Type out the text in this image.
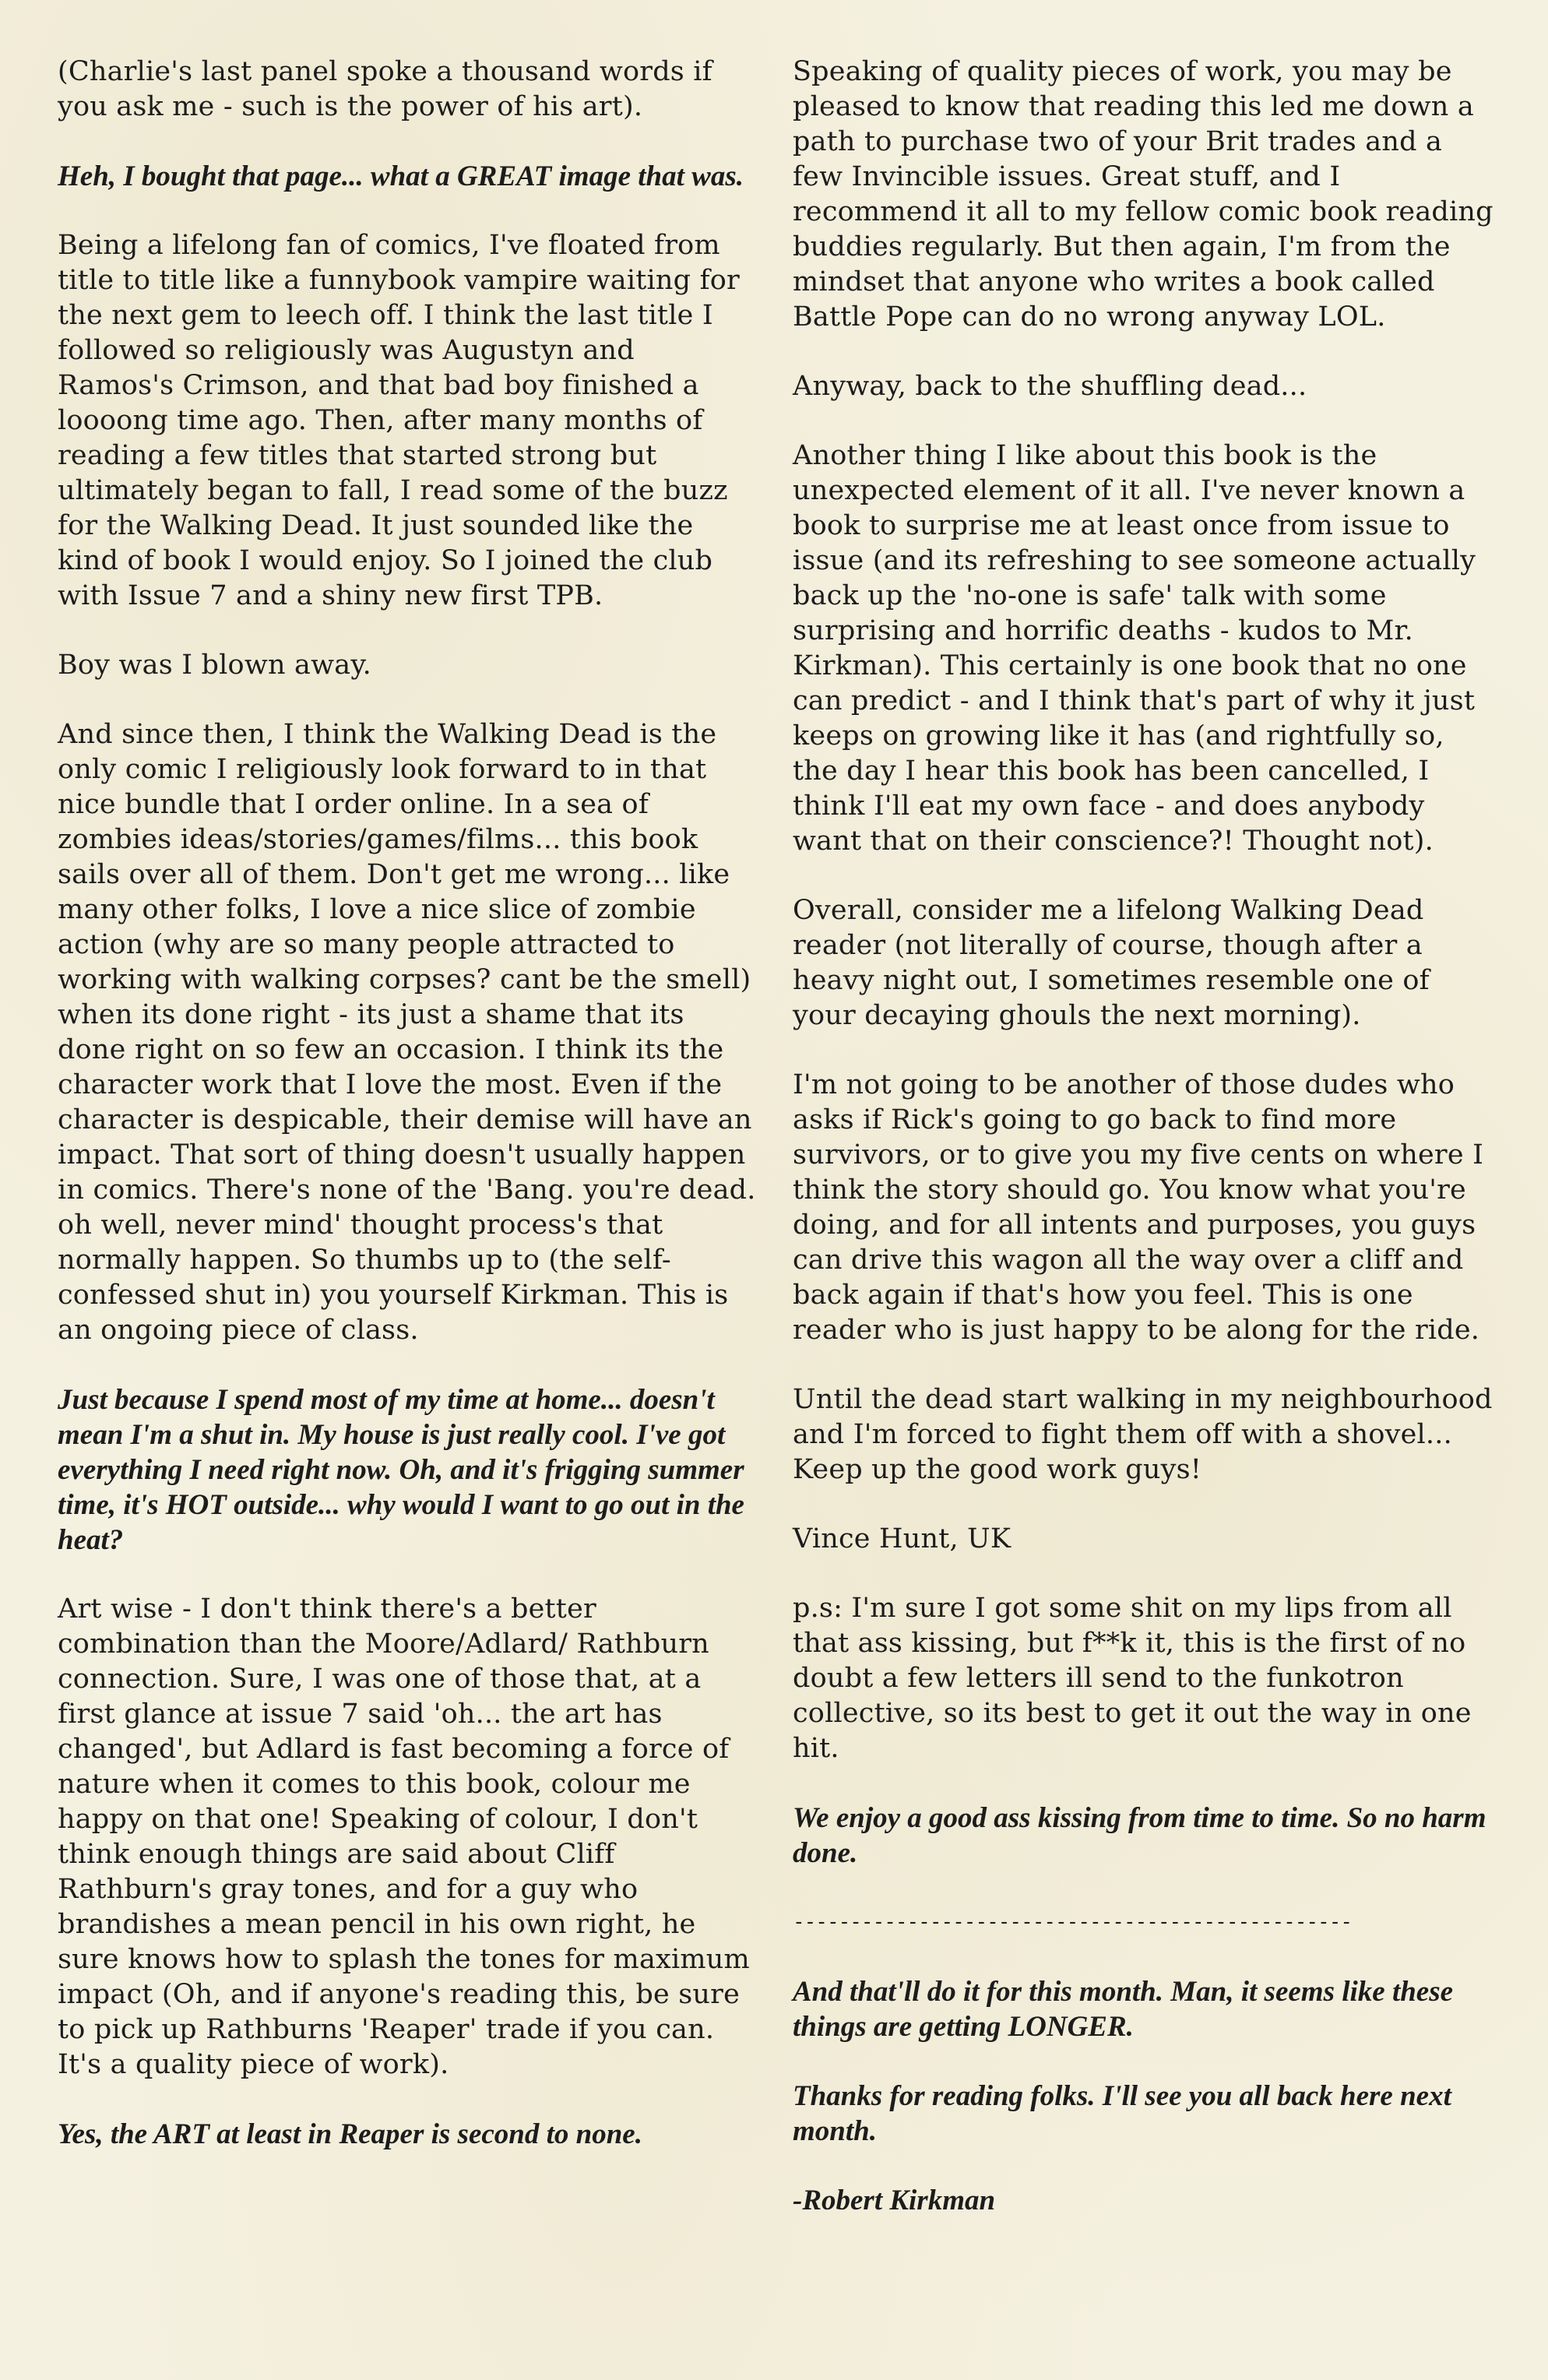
(Charlie's last panel spoke a thousand words if you ask me - such is the power of his art).

Heh, I bought that page... what a GREAT image that was.

Being a lifelong fan of comics, I've floated from title to title like a funnybook vampire waiting for the next gem to leech off. I think the last title I followed so religiously was Augustyn and Ramos's Crimson, and that bad boy finished a loooong time ago. Then, after many months of reading a few titles that started strong but ultimately began to fall, I read some of the buzz for the Walking Dead. It just sounded like the kind of book I would enjoy. So I joined the club with Issue 7 and a shiny new first TPB.

Boy was I blown away.

And since then, I think the Walking Dead is the only comic I religiously look forward to in that nice bundle that I order online. In a sea of zombies ideas/stories/games/films... this book sails over all of them. Don't get me wrong... like many other folks, I love a nice slice of zombie action (why are so many people attracted to working with walking corpses? cant be the smell) when its done right - its just a shame that its done right on so few an occasion. I think its the character work that I love the most. Even if the character is despicable, their demise will have an impact. That sort of thing doesn't usually happen in comics. There's none of the 'Bang. you're dead. oh well, never mind' thought process's that normally happen. So thumbs up to (the self-confessed shut in) you yourself Kirkman. This is an ongoing piece of class.

Just because I spend most of my time at home... doesn't mean I'm a shut in. My house is just really cool. I've got everything I need right now. Oh, and it's frigging summer time, it's HOT outside... why would I want to go out in the heat?

Art wise - I don't think there's a better combination than the Moore/Adlard/ Rathburn connection. Sure, I was one of those that, at a first glance at issue 7 said 'oh... the art has changed', but Adlard is fast becoming a force of nature when it comes to this book, colour me happy on that one! Speaking of colour, I don't think enough things are said about Cliff Rathburn's gray tones, and for a guy who brandishes a mean pencil in his own right, he sure knows how to splash the tones for maximum impact (Oh, and if anyone's reading this, be sure to pick up Rathburns 'Reaper' trade if you can. It's a quality piece of work).

Yes, the ART at least in Reaper is second to none.

Speaking of quality pieces of work, you may be pleased to know that reading this led me down a path to purchase two of your Brit trades and a few Invincible issues. Great stuff, and I recommend it all to my fellow comic book reading buddies regularly. But then again, I'm from the mindset that anyone who writes a book called Battle Pope can do no wrong anyway LOL.

Anyway, back to the shuffling dead...

Another thing I like about this book is the unexpected element of it all. I've never known a book to surprise me at least once from issue to issue (and its refreshing to see someone actually back up the 'no-one is safe' talk with some surprising and horrific deaths - kudos to Mr. Kirkman). This certainly is one book that no one can predict - and I think that's part of why it just keeps on growing like it has (and rightfully so, the day I hear this book has been cancelled, I think I'll eat my own face - and does anybody want that on their conscience?! Thought not).

Overall, consider me a lifelong Walking Dead reader (not literally of course, though after a heavy night out, I sometimes resemble one of your decaying ghouls the next morning).

I'm not going to be another of those dudes who asks if Rick's going to go back to find more survivors, or to give you my five cents on where I think the story should go. You know what you're doing, and for all intents and purposes, you guys can drive this wagon all the way over a cliff and back again if that's how you feel. This is one reader who is just happy to be along for the ride.

Until the dead start walking in my neighbourhood and I'm forced to fight them off with a shovel... Keep up the good work guys!

Vince Hunt, UK

p.s: I'm sure I got some shit on my lips from all that ass kissing, but f**k it, this is the first of no doubt a few letters ill send to the funkotron collective, so its best to get it out the way in one hit.

We enjoy a good ass kissing from time to time. So no harm done.

-------------------------------------------------

And that'll do it for this month. Man, it seems like these things are getting LONGER.

Thanks for reading folks. I'll see you all back here next month.

-Robert Kirkman
